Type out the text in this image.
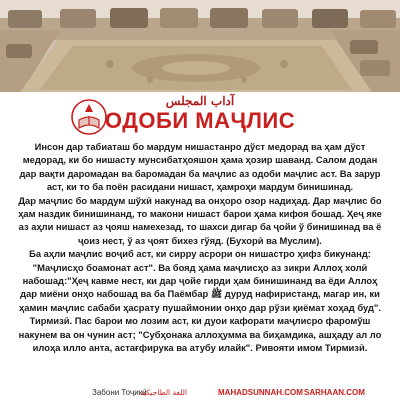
آداب المجلس
ОДОБИ МАҶЛИС

Инсон дар табиаташ бо мардум нишастанро дўст медорад ва ҳам дўст медорад, ки бо нишасту мунсибатҳояшон ҳама ҳозир шаванд. Салом додан дар вақти даромадан ва баромадан ба маҷлис аз одоби маҷлис аст. Ва зарур аст, ки то ба поён расидани нишаст, ҳамроҳи мардум бинишинад.

Дар маҷлис бо мардум шўхӣ накунад ва онҳоро озор надиҳад. Дар маҷлис бо ҳам наздик бинишинанд, то макони нишаст барои ҳама кифоя бошад. Ҳеҷ яке аз аҳли нишаст аз ҷояш намехезад, то шахси дигар ба ҷойи ў бинишинад ва ё ҷоиз нест, ў аз ҷоят бихез гўяд. (Бухорӣ ва Муслим).

Ба аҳли маҷлис воҷиб аст, ки сирру асрори он нишастро ҳифз бикунанд: "Маҷлисҳо боамонат аст". Ва бояд ҳама маҷлисҳо аз зикри Аллоҳ холӣ набошад:"Ҳеҷ кавме нест, ки дар ҷойе гирди ҳам бинишинанд ва ёди Аллоҳ дар миёни онҳо набошад ва ба Паёмбар ﷺ дуруд нафиристанд, магар ин, ки ҳамин маҷлис сабаби ҳасрату пушаймонии онҳо дар рўзи қиёмат хоҳад буд". Тирмизӣ. Пас барои мо лозим аст, ки дуои кафорати маҷлисро фаромўш накунем ва он чунин аст; "Субҳонака аллоҳумма ва биҳамдика, ашҳаду ал ло илоҳа илло анта, астағфирука ва атубу илайк". Ривояти имом Тирмизӣ.

Забони Тоҷикӣ
اللغة الطاجيكية	MAHADSUNNAH.COM SARHAAN.COM
